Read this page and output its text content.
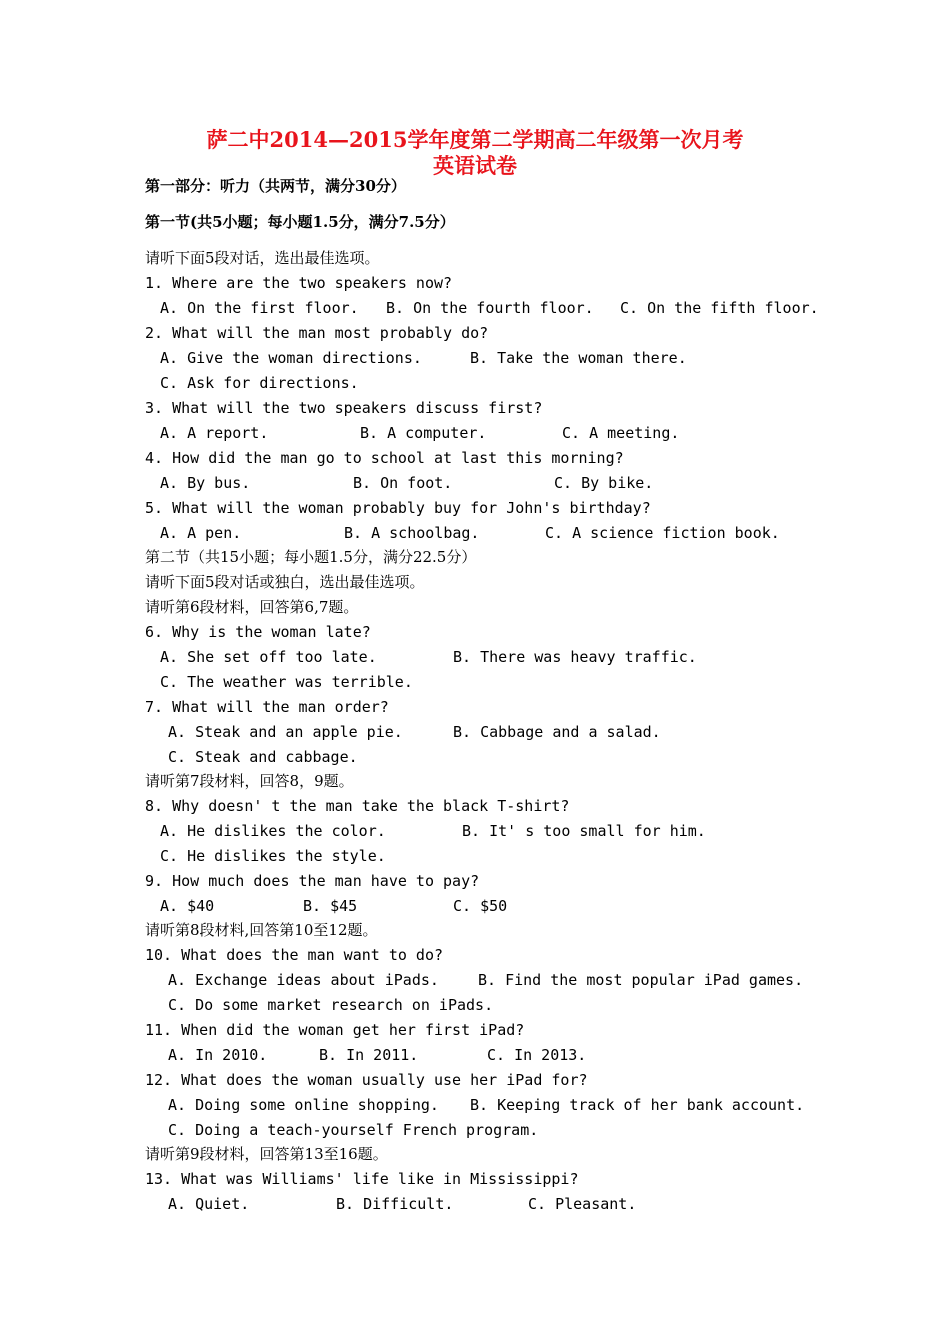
萨二中2014—2015学年度第二学期高二年级第一次月考
英语试卷
第一部分：听力（共两节，满分30分）
第一节(共5小题；每小题1.5分，满分7.5分）
请听下面5段对话，选出最佳选项。
1. Where are the two speakers now?
A. On the first floor. B. On the fourth floor. C. On the fifth floor.
2. What will the man most probably do?
A. Give the woman directions.	B. Take the woman there.
C. Ask for directions.
3. What will the two speakers discuss first?
A. A report.	B. A computer.	C. A meeting.
4. How did the man go to school at last this morning?
A. By bus.	B. On foot.	C. By bike.
5. What will the woman probably buy for John's birthday?
A. A pen.	B. A schoolbag.	C. A science fiction book.
第二节（共15小题；每小题1.5分，满分22.5分）
请听下面5段对话或独白，选出最佳选项。
请听第6段材料，回答第6,7题。
6. Why is the woman late?
A. She set off too late.	B. There was heavy traffic.
C. The weather was terrible.
7. What will the man order?
A. Steak and an apple pie.	B. Cabbage and a salad.
C. Steak and cabbage.
请听第7段材料，回答8，9题。
8. Why doesn' t the man take the black T-shirt?
A. He dislikes the color.	B. It' s too small for him.
C. He dislikes the style.
9. How much does the man have to pay?
A. $40	B. $45	C. $50
请听第8段材料,回答第10至12题。
10. What does the man want to do?
A. Exchange ideas about iPads.	B. Find the most popular iPad games.
C. Do some market research on iPads.
11. When did the woman get her first iPad?
A. In 2010.	B. In 2011.	C. In 2013.
12. What does the woman usually use her iPad for?
A. Doing some online shopping. B. Keeping track of her bank account.
C. Doing a teach-yourself French program.
请听第9段材料，回答第13至16题。
13. What was Williams' life like in Mississippi?
A. Quiet.	B. Difficult.	C. Pleasant.
